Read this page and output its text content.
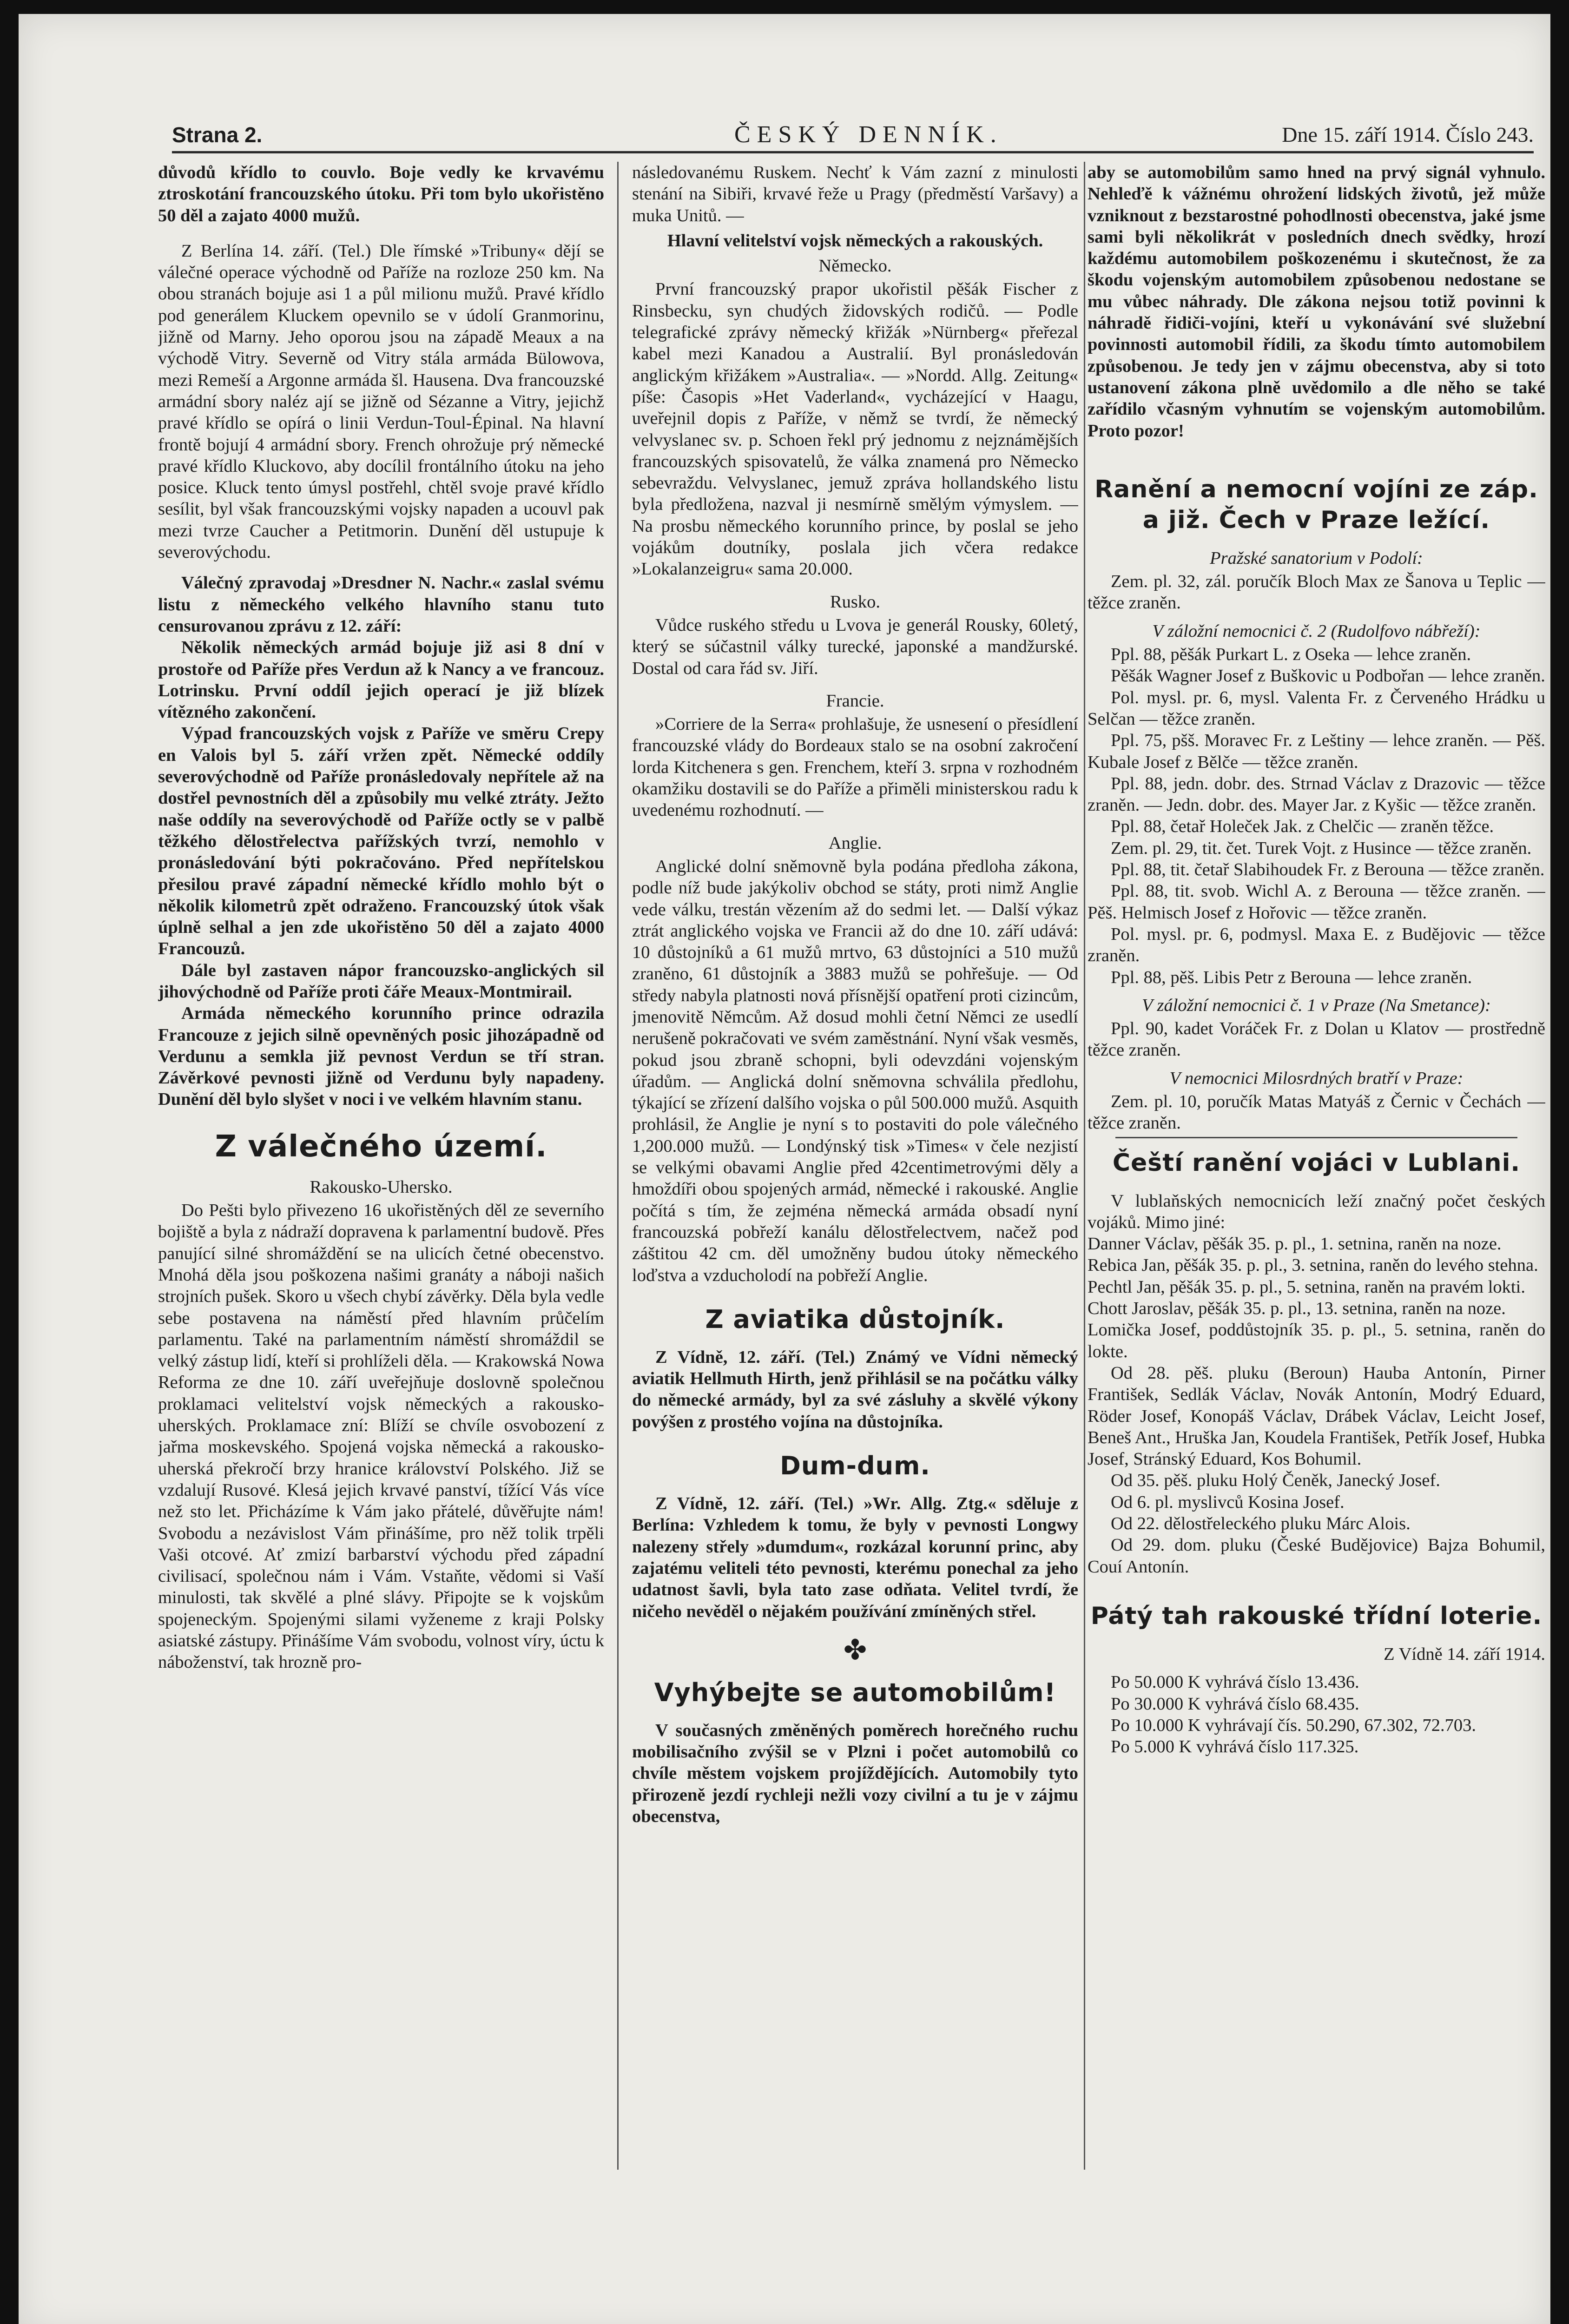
Strana 2.	ČESKÝ DENNÍK.	Dne 15. září 1914. Číslo 243.

důvodů křídlo to couvlo. Boje vedly ke krvavému ztroskotání francouzského útoku. Při tom bylo ukořistěno 50 děl a zajato 4000 mužů.

Z Berlína 14. září. (Tel.) Dle římské »Tribuny« dějí se válečné operace východně od Paříže na rozloze 250 km. Na obou stranách bojuje asi 1 a půl milionu mužů. Pravé křídlo pod generálem Kluckem opevnilo se v údolí Granmorinu, jižně od Marny. Jeho oporou jsou na západě Meaux a na východě Vitry. Severně od Vitry stála armáda Bülowova, mezi Remeší a Argonne armáda šl. Hausena. Dva francouzské armádní sbory naléz ají se jižně od Sézanne a Vitry, jejichž pravé křídlo se opírá o linii Verdun-Toul-Épinal. Na hlavní frontě bojují 4 armádní sbory. French ohrožuje prý německé pravé křídlo Kluckovo, aby docílil frontálního útoku na jeho posice. Kluck tento úmysl postřehl, chtěl svoje pravé křídlo sesílit, byl však francouzskými vojsky napaden a ucouvl pak mezi tvrze Caucher a Petitmorin. Dunění děl ustupuje k severovýchodu.

Válečný zpravodaj »Dresdner N. Nachr.« zaslal svému listu z německého velkého hlavního stanu tuto censurovanou zprávu z 12. září:

Několik německých armád bojuje již asi 8 dní v prostoře od Paříže přes Verdun až k Nancy a ve francouz. Lotrinsku. První oddíl jejich operací je již blízek vítězného zakončení.

Výpad francouzských vojsk z Paříže ve směru Crepy en Valois byl 5. září vržen zpět. Německé oddíly severovýchodně od Paříže pronásledovaly nepřítele až na dostřel pevnostních děl a způsobily mu velké ztráty. Ježto naše oddíly na severovýchodě od Paříže octly se v palbě těžkého dělostřelectva pařížských tvrzí, nemohlo v pronásledování býti pokračováno. Před nepřítelskou přesilou pravé západní německé křídlo mohlo být o několik kilometrů zpět odraženo. Francouzský útok však úplně selhal a jen zde ukořistěno 50 děl a zajato 4000 Francouzů.

Dále byl zastaven nápor francouzsko-anglických sil jihovýchodně od Paříže proti čáře Meaux-Montmirail.

Armáda německého korunního prince odrazila Francouze z jejich silně opevněných posic jihozápadně od Verdunu a semkla již pevnost Verdun se tří stran. Závěrkové pevnosti jižně od Verdunu byly napadeny. Dunění děl bylo slyšet v noci i ve velkém hlavním stanu.

Z válečného území.
Rakousko-Uhersko.

Do Pešti bylo přivezeno 16 ukořistěných děl ze severního bojiště a byla z nádraží dopravena k parlamentní budově. Přes panující silné shromáždění se na ulicích četné obecenstvo. Mnohá děla jsou poškozena našimi granáty a náboji našich strojních pušek. Skoro u všech chybí závěrky. Děla byla vedle sebe postavena na náměstí před hlavním průčelím parlamentu. Také na parlamentním náměstí shromáždil se velký zástup lidí, kteří si prohlíželi děla. — Krakowská Nowa Reforma ze dne 10. září uveřejňuje doslovně společnou proklamaci velitelství vojsk německých a rakousko-uherských. Proklamace zní: Blíží se chvíle osvobození z jařma moskevského. Spojená vojska německá a rakousko-uherská překročí brzy hranice království Polského. Již se vzdalují Rusové. Klesá jejich krvavé panství, tížící Vás více než sto let. Přicházíme k Vám jako přátelé, důvěřujte nám! Svobodu a nezávislost Vám přinášíme, pro něž tolik trpěli Vaši otcové. Ať zmizí barbarství východu před západní civilisací, společnou nám i Vám. Vstaňte, vědomi si Vaší minulosti, tak skvělé a plné slávy. Připojte se k vojskům spojeneckým. Spojenými silami vyženeme z kraji Polsky asiatské zástupy. Přinášíme Vám svobodu, volnost víry, úctu k náboženství, tak hrozně pro-

následovanému Ruskem. Nechť k Vám zazní z minulosti stenání na Sibiři, krvavé řeže u Pragy (předměstí Varšavy) a muka Unitů. —

Hlavní velitelství vojsk německých a rakouských.
Německo.

První francouzský prapor ukořistil pěšák Fischer z Rinsbecku, syn chudých židovských rodičů. — Podle telegrafické zprávy německý křižák »Nürnberg« přeřezal kabel mezi Kanadou a Australií. Byl pronásledován anglickým křižákem »Australia«. — »Nordd. Allg. Zeitung« píše: Časopis »Het Vaderland«, vycházející v Haagu, uveřejnil dopis z Paříže, v němž se tvrdí, že německý velvyslanec sv. p. Schoen řekl prý jednomu z nejznámějších francouzských spisovatelů, že válka znamená pro Německo sebevraždu. Velvyslanec, jemuž zpráva hollandského listu byla předložena, nazval ji nesmírně smělým výmyslem. — Na prosbu německého korunního prince, by poslal se jeho vojákům doutníky, poslala jich včera redakce »Lokalanzeigru« sama 20.000.

Rusko.

Vůdce ruského středu u Lvova je generál Rousky, 60letý, který se súčastnil války turecké, japonské a mandžurské. Dostal od cara řád sv. Jiří.

Francie.

»Corriere de la Serra« prohlašuje, že usnesení o přesídlení francouzské vlády do Bordeaux stalo se na osobní zakročení lorda Kitchenera s gen. Frenchem, kteří 3. srpna v rozhodném okamžiku dostavili se do Paříže a přiměli ministerskou radu k uvedenému rozhodnutí. —

Anglie.

Anglické dolní sněmovně byla podána předloha zákona, podle níž bude jakýkoliv obchod se státy, proti nimž Anglie vede válku, trestán vězením až do sedmi let. — Další výkaz ztrát anglického vojska ve Francii až do dne 10. září udává: 10 důstojníků a 61 mužů mrtvo, 63 důstojníci a 510 mužů zraněno, 61 důstojník a 3883 mužů se pohřešuje. — Od středy nabyla platnosti nová přísnější opatření proti cizincům, jmenovitě Němcům. Až dosud mohli četní Němci ze usedlí nerušeně pokračovati ve svém zaměstnání. Nyní však vesměs, pokud jsou zbraně schopni, byli odevzdáni vojenským úřadům. — Anglická dolní sněmovna schválila předlohu, týkající se zřízení dalšího vojska o půl 500.000 mužů. Asquith prohlásil, že Anglie je nyní s to postaviti do pole válečného 1,200.000 mužů. — Londýnský tisk »Times« v čele nezjistí se velkými obavami Anglie před 42centimetrovými děly a hmoždíři obou spojených armád, německé i rakouské. Anglie počítá s tím, že zejména německá armáda obsadí nyní francouzská pobřeží kanálu dělostřelectvem, načež pod záštitou 42 cm. děl umožněny budou útoky německého loďstva a vzducholodí na pobřeží Anglie.

Z aviatika důstojník.

Z Vídně, 12. září. (Tel.) Známý ve Vídni německý aviatik Hellmuth Hirth, jenž přihlásil se na počátku války do německé armády, byl za své zásluhy a skvělé výkony povýšen z prostého vojína na důstojníka.

Dum-dum.

Z Vídně, 12. září. (Tel.) »Wr. Allg. Ztg.« sděluje z Berlína: Vzhledem k tomu, že byly v pevnosti Longwy nalezeny střely »dumdum«, rozkázal korunní princ, aby zajatému veliteli této pevnosti, kterému ponechal za jeho udatnost šavli, byla tato zase odňata. Velitel tvrdí, že ničeho nevěděl o nějakém používání zmíněných střel.

✤
Vyhýbejte se automobilům!

V současných změněných poměrech horečného ruchu mobilisačního zvýšil se v Plzni i počet automobilů co chvíle městem vojskem projíždějících. Automobily tyto přirozeně jezdí rychleji nežli vozy civilní a tu je v zájmu obecenstva,

aby se automobilům samo hned na prvý signál vyhnulo. Nehleďě k vážnému ohrožení lidských životů, jež může vzniknout z bezstarostné pohodlnosti obecenstva, jaké jsme sami byli několikrát v posledních dnech svědky, hrozí každému automobilem poškozenému i skutečnost, že za škodu vojenským automobilem způsobenou nedostane se mu vůbec náhrady. Dle zákona nejsou totiž povinni k náhradě řidiči-vojíni, kteří u vykonávání své služební povinnosti automobil řídili, za škodu tímto automobilem způsobenou. Je tedy jen v zájmu obecenstva, aby si toto ustanovení zákona plně uvědomilo a dle něho se také zařídilo včasným vyhnutím se vojenským automobilům. Proto pozor!

Ranění a nemocní vojíni ze záp. a již. Čech v Praze ležící.
Pražské sanatorium v Podolí:

Zem. pl. 32, zál. poručík Bloch Max ze Šanova u Teplic — těžce zraněn.

V záložní nemocnici č. 2 (Rudolfovo nábřeží):

Ppl. 88, pěšák Purkart L. z Oseka — lehce zraněn.

Pěšák Wagner Josef z Buškovic u Podbořan — lehce zraněn.

Pol. mysl. pr. 6, mysl. Valenta Fr. z Červeného Hrádku u Selčan — těžce zraněn.

Ppl. 75, pšš. Moravec Fr. z Leštiny — lehce zraněn. — Pěš. Kubale Josef z Bělče — těžce zraněn.

Ppl. 88, jedn. dobr. des. Strnad Václav z Drazovic — těžce zraněn. — Jedn. dobr. des. Mayer Jar. z Kyšic — těžce zraněn.

Ppl. 88, četař Holeček Jak. z Chelčic — zraněn těžce.

Zem. pl. 29, tit. čet. Turek Vojt. z Husince — těžce zraněn.

Ppl. 88, tit. četař Slabihoudek Fr. z Berouna — těžce zraněn.

Ppl. 88, tit. svob. Wichl A. z Berouna — těžce zraněn. — Pěš. Helmisch Josef z Hořovic — těžce zraněn.

Pol. mysl. pr. 6, podmysl. Maxa E. z Budějovic — těžce zraněn.

Ppl. 88, pěš. Libis Petr z Berouna — lehce zraněn.

V záložní nemocnici č. 1 v Praze (Na Smetance):

Ppl. 90, kadet Voráček Fr. z Dolan u Klatov — prostředně těžce zraněn.

V nemocnici Milosrdných bratří v Praze:

Zem. pl. 10, poručík Matas Matyáš z Černic v Čechách — těžce zraněn.

Čeští ranění vojáci v Lublani.

V lublaňských nemocnicích leží značný počet českých vojáků. Mimo jiné:

Danner Václav, pěšák 35. p. pl., 1. setnina, raněn na noze.

Rebica Jan, pěšák 35. p. pl., 3. setnina, raněn do levého stehna.

Pechtl Jan, pěšák 35. p. pl., 5. setnina, raněn na pravém lokti.

Chott Jaroslav, pěšák 35. p. pl., 13. setnina, raněn na noze.

Lomička Josef, poddůstojník 35. p. pl., 5. setnina, raněn do lokte.

Od 28. pěš. pluku (Beroun) Hauba Antonín, Pirner František, Sedlák Václav, Novák Antonín, Modrý Eduard, Röder Josef, Konopáš Václav, Drábek Václav, Leicht Josef, Beneš Ant., Hruška Jan, Koudela František, Petřík Josef, Hubka Josef, Stránský Eduard, Kos Bohumil.

Od 35. pěš. pluku Holý Čeněk, Janecký Josef.

Od 6. pl. myslivců Kosina Josef.

Od 22. dělostřeleckého pluku Márc Alois.

Od 29. dom. pluku (České Budějovice) Bajza Bohumil, Couí Antonín.

Pátý tah rakouské třídní loterie.

Z Vídně 14. září 1914.

Po 50.000 K vyhrává číslo 13.436.

Po 30.000 K vyhrává číslo 68.435.

Po 10.000 K vyhrávají čís. 50.290, 67.302, 72.703.

Po 5.000 K vyhrává číslo 117.325.
